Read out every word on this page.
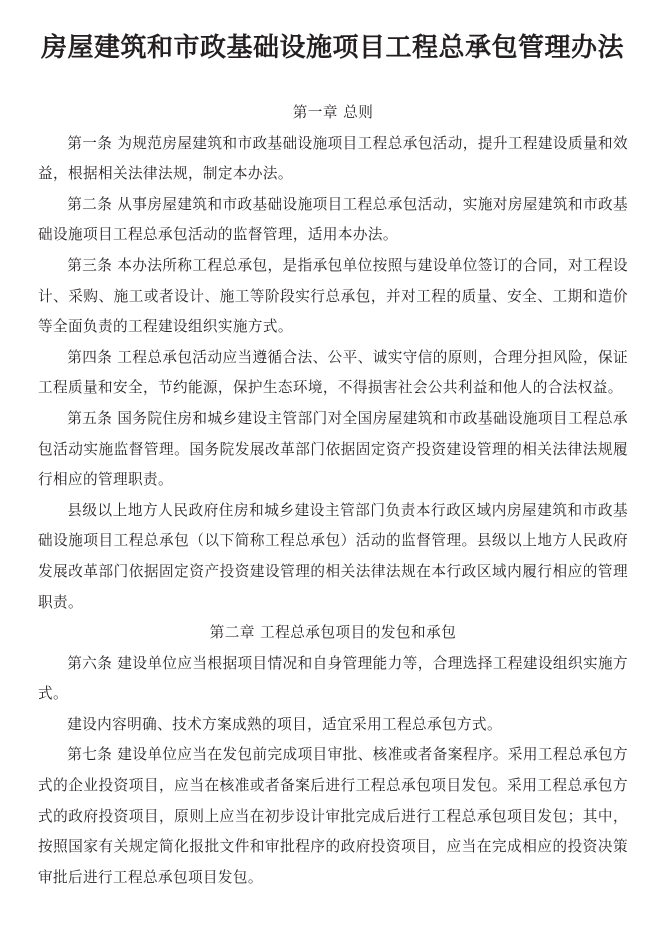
房屋建筑和市政基础设施项目工程总承包管理办法

第一章 总则

第一条 为规范房屋建筑和市政基础设施项目工程总承包活动，提升工程建设质量和效益，根据相关法律法规，制定本办法。

第二条 从事房屋建筑和市政基础设施项目工程总承包活动，实施对房屋建筑和市政基础设施项目工程总承包活动的监督管理，适用本办法。

第三条 本办法所称工程总承包，是指承包单位按照与建设单位签订的合同，对工程设计、采购、施工或者设计、施工等阶段实行总承包，并对工程的质量、安全、工期和造价等全面负责的工程建设组织实施方式。

第四条 工程总承包活动应当遵循合法、公平、诚实守信的原则，合理分担风险，保证工程质量和安全，节约能源，保护生态环境，不得损害社会公共利益和他人的合法权益。

第五条 国务院住房和城乡建设主管部门对全国房屋建筑和市政基础设施项目工程总承包活动实施监督管理。国务院发展改革部门依据固定资产投资建设管理的相关法律法规履行相应的管理职责。

县级以上地方人民政府住房和城乡建设主管部门负责本行政区域内房屋建筑和市政基础设施项目工程总承包（以下简称工程总承包）活动的监督管理。县级以上地方人民政府发展改革部门依据固定资产投资建设管理的相关法律法规在本行政区域内履行相应的管理职责。

第二章 工程总承包项目的发包和承包

第六条 建设单位应当根据项目情况和自身管理能力等，合理选择工程建设组织实施方式。

建设内容明确、技术方案成熟的项目，适宜采用工程总承包方式。

第七条 建设单位应当在发包前完成项目审批、核准或者备案程序。采用工程总承包方式的企业投资项目，应当在核准或者备案后进行工程总承包项目发包。采用工程总承包方式的政府投资项目，原则上应当在初步设计审批完成后进行工程总承包项目发包；其中，按照国家有关规定简化报批文件和审批程序的政府投资项目，应当在完成相应的投资决策审批后进行工程总承包项目发包。
